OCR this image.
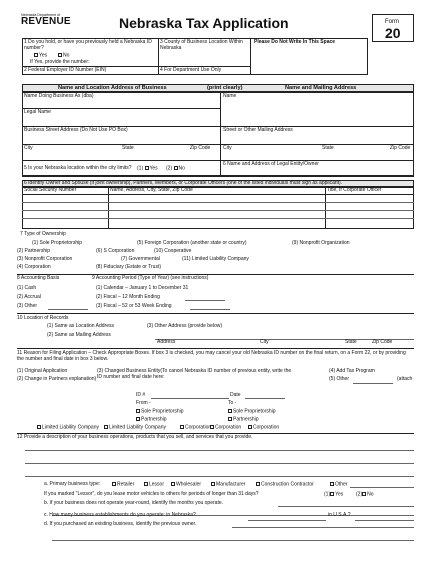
Nebraska Department of
REVENUE	Nebraska Tax Application	Form
20
1 Do you hold, or have you previously held a Nebraska ID number?
Yes	No
If Yes, provide the number:
2 Federal Employer ID Number (EIN)
3 County of Business Location Within Nebraska
4 For Department Use Only
Please Do Not Write In This Space
Name and Location Address of Business	(print clearly)	Name and Mailing Address
Name Doing Business As (dba)	Name
Legal Name
Business Street Address (Do Not Use PO Box)	Street or Other Mailing Address
City	State	Zip Code	City	State	Zip Code
5 Is your Nebraska location within the city limits? (1) Yes (2) No
6 Name and Address of Legal Entity/Owner
6 Identify Owner and Spouse (if joint ownership), Partners, Members, or Corporate Officers (one of the listed individuals must sign as applicant).
Social Security Number	Name, Address, City, State, Zip Code	Title, If Corporate Officer
7 Type of Ownership
(1) Sole Proprietorship	(5) Foreign Corporation (another state or country)	(9) Nonprofit Organization
(2) Partnership	(6) S Corporation	(10) Cooperative
(3) Nonprofit Corporation	(7) Governmental	(11) Limited Liability Company
(4) Corporation	(8) Fiduciary (Estate or Trust)
8 Accounting Basis
(1) Cash
(2) Accrual
(3) Other
9 Accounting Period (Type of Year) (see instructions)
(1) Calendar – January 1 to December 31
(2) Fiscal – 12 Month Ending
(3) Fiscal – 52 or 53 Week Ending
10 Location of Records
(1) Same as Location Address	(3) Other Address (provide below)
(2) Same as Mailing Address
Address	City	State	Zip Code
11 Reason for Filing Application – Check Appropriate Boxes. If box 3 is checked, you may cancel your old Nebraska ID number on the final return, on a Form 22, or by providing the number and final date in box 3 below.
(1) Original Application	(3) Changed Business Entity(To cancel Nebraska ID number of previous entity, write the ID number and final date here:
(4) Add Tax Program
(2) Change in Partners explanation)	(5) Other	(attach
ID #	Date
From -	To -
Sole Proprietorship
Partnership
Limited Liability Company	Limited Liability Company	Corporation
Sole Proprietorship
Partnership
Corporation	Corporation
12 Provide a description of your business operations, products that you sell, and services that you provide.
a. Primary business type:	Retailer	Lessor	Wholesaler	Manufacturer	Construction Contractor	Other
If you marked "Lessor", do you lease motor vehicles to others for periods of longer than 31 days?	(1) Yes	(2) No
b. If your business does not operate year-round, identify the months you operate.
c. How many business establishments do you operate: in Nebraska?	in U.S.A.?
d. If you purchased an existing business, identify the previous owner.
